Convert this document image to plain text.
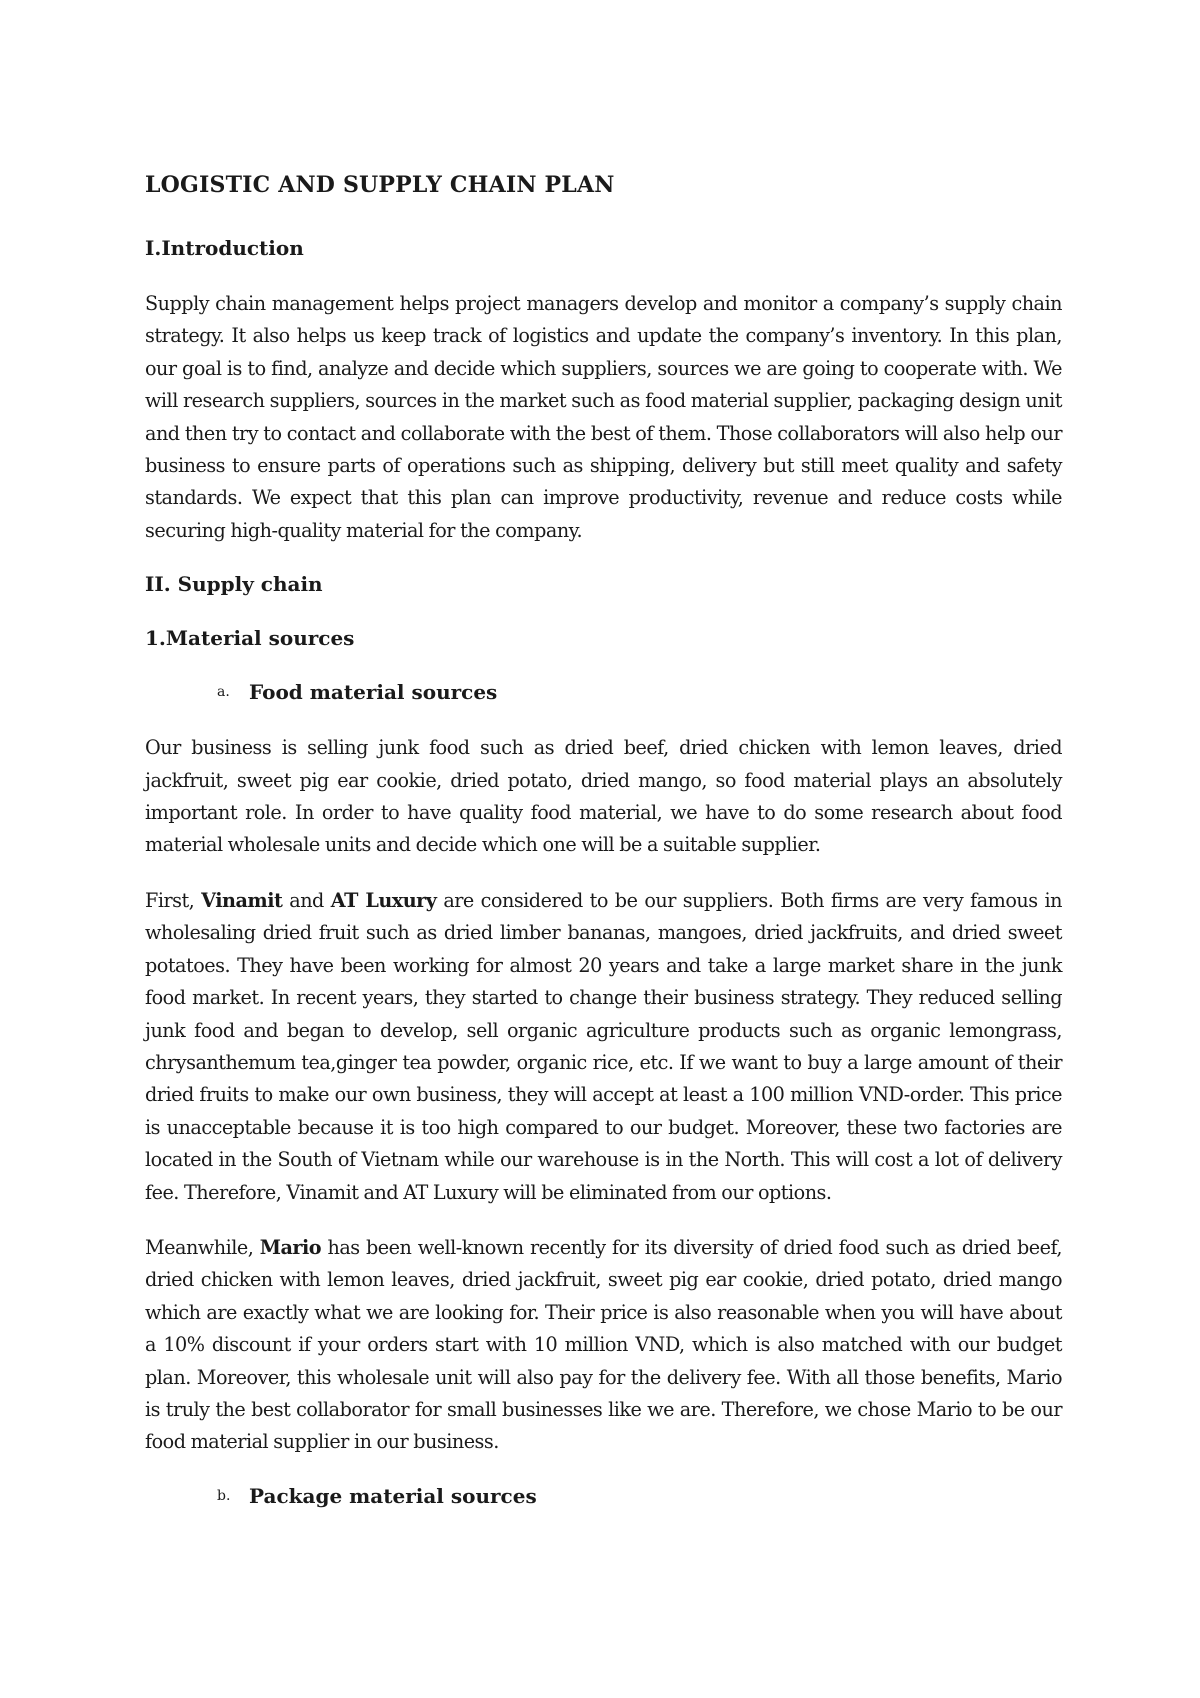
LOGISTIC AND SUPPLY CHAIN PLAN
I.Introduction

Supply chain management helps project managers develop and monitor a company’s supply chain strategy. It also helps us keep track of logistics and update the company’s inventory. In this plan, our goal is to find, analyze and decide which suppliers, sources we are going to cooperate with. We will research suppliers, sources in the market such as food material supplier, packaging design unit and then try to contact and collaborate with the best of them. Those collaborators will also help our business to ensure parts of operations such as shipping, delivery but still meet quality and safety standards. We expect that this plan can improve productivity, revenue and reduce costs while securing high-quality material for the company.

II. Supply chain
1.Material sources
a. Food material sources

Our business is selling junk food such as dried beef, dried chicken with lemon leaves, dried jackfruit, sweet pig ear cookie, dried potato, dried mango, so food material plays an absolutely important role. In order to have quality food material, we have to do some research about food material wholesale units and decide which one will be a suitable supplier.

First, Vinamit and AT Luxury are considered to be our suppliers. Both firms are very famous in wholesaling dried fruit such as dried limber bananas, mangoes, dried jackfruits, and dried sweet potatoes. They have been working for almost 20 years and take a large market share in the junk food market. In recent years, they started to change their business strategy. They reduced selling junk food and began to develop, sell organic agriculture products such as organic lemongrass, chrysanthemum tea,ginger tea powder, organic rice, etc. If we want to buy a large amount of their dried fruits to make our own business, they will accept at least a 100 million VND-order. This price is unacceptable because it is too high compared to our budget. Moreover, these two factories are located in the South of Vietnam while our warehouse is in the North. This will cost a lot of delivery fee. Therefore, Vinamit and AT Luxury will be eliminated from our options.

Meanwhile, Mario has been well-known recently for its diversity of dried food such as dried beef, dried chicken with lemon leaves, dried jackfruit, sweet pig ear cookie, dried potato, dried mango which are exactly what we are looking for. Their price is also reasonable when you will have about a 10% discount if your orders start with 10 million VND, which is also matched with our budget plan. Moreover, this wholesale unit will also pay for the delivery fee. With all those benefits, Mario is truly the best collaborator for small businesses like we are. Therefore, we chose Mario to be our food material supplier in our business.

b. Package material sources
